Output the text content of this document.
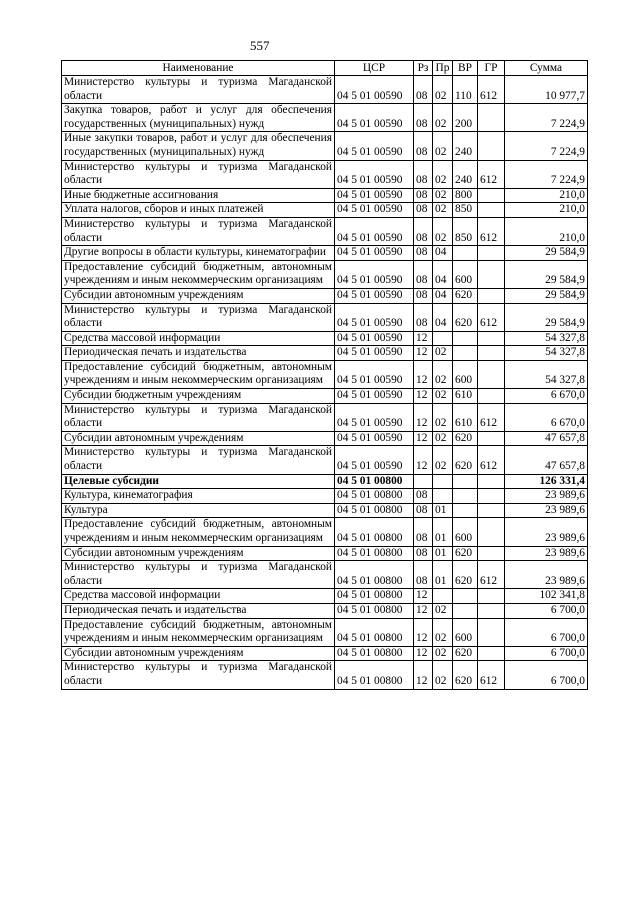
557
Наименование	ЦСР	Рз	Пр	ВР	ГР	Сумма
Министерство культуры и туризма Магаданской области	04 5 01 00590	08	02	110	612	10 977,7
Закупка товаров, работ и услуг для обеспечения государственных (муниципальных) нужд	04 5 01 00590	08	02	200		7 224,9
Иные закупки товаров, работ и услуг для обеспечения государственных (муниципальных) нужд	04 5 01 00590	08	02	240		7 224,9
Министерство культуры и туризма Магаданской области	04 5 01 00590	08	02	240	612	7 224,9
Иные бюджетные ассигнования	04 5 01 00590	08	02	800		210,0
Уплата налогов, сборов и иных платежей	04 5 01 00590	08	02	850		210,0
Министерство культуры и туризма Магаданской области	04 5 01 00590	08	02	850	612	210,0
Другие вопросы в области культуры, кинематографии	04 5 01 00590	08	04			29 584,9
Предоставление субсидий бюджетным, автономным учреждениям и иным некоммерческим организациям	04 5 01 00590	08	04	600		29 584,9
Субсидии автономным учреждениям	04 5 01 00590	08	04	620		29 584,9
Министерство культуры и туризма Магаданской области	04 5 01 00590	08	04	620	612	29 584,9
Средства массовой информации	04 5 01 00590	12				54 327,8
Периодическая печать и издательства	04 5 01 00590	12	02			54 327,8
Предоставление субсидий бюджетным, автономным учреждениям и иным некоммерческим организациям	04 5 01 00590	12	02	600		54 327,8
Субсидии бюджетным учреждениям	04 5 01 00590	12	02	610		6 670,0
Министерство культуры и туризма Магаданской области	04 5 01 00590	12	02	610	612	6 670,0
Субсидии автономным учреждениям	04 5 01 00590	12	02	620		47 657,8
Министерство культуры и туризма Магаданской области	04 5 01 00590	12	02	620	612	47 657,8
Целевые субсидии	04 5 01 00800					126 331,4
Культура, кинематография	04 5 01 00800	08				23 989,6
Культура	04 5 01 00800	08	01			23 989,6
Предоставление субсидий бюджетным, автономным учреждениям и иным некоммерческим организациям	04 5 01 00800	08	01	600		23 989,6
Субсидии автономным учреждениям	04 5 01 00800	08	01	620		23 989,6
Министерство культуры и туризма Магаданской области	04 5 01 00800	08	01	620	612	23 989,6
Средства массовой информации	04 5 01 00800	12				102 341,8
Периодическая печать и издательства	04 5 01 00800	12	02			6 700,0
Предоставление субсидий бюджетным, автономным учреждениям и иным некоммерческим организациям	04 5 01 00800	12	02	600		6 700,0
Субсидии автономным учреждениям	04 5 01 00800	12	02	620		6 700,0
Министерство культуры и туризма Магаданской области	04 5 01 00800	12	02	620	612	6 700,0
